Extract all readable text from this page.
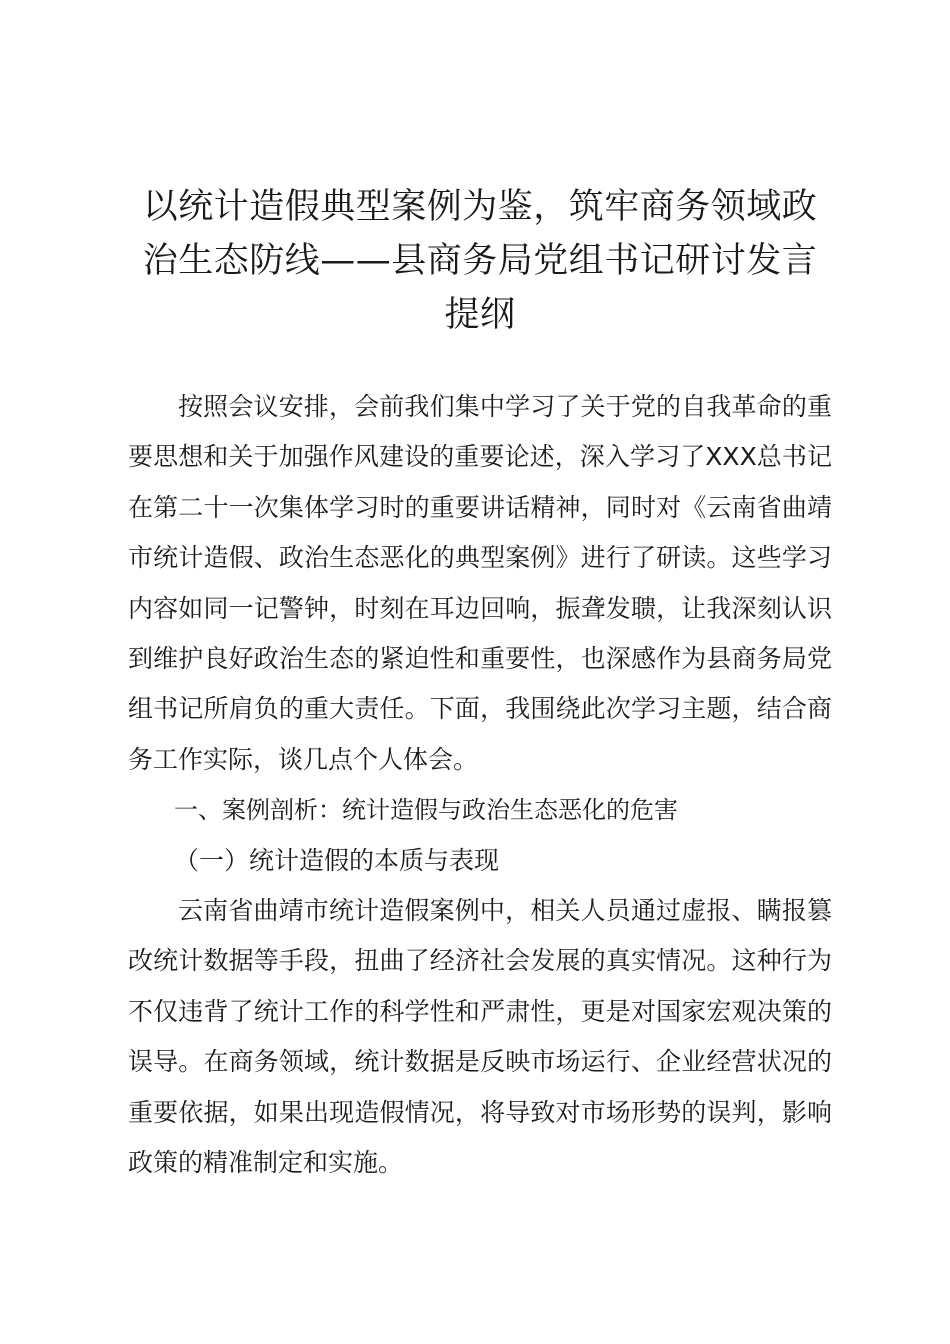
以统计造假典型案例为鉴，筑牢商务领域政治生态防线——县商务局党组书记研讨发言提纲

按照会议安排，会前我们集中学习了关于党的自我革命的重要思想和关于加强作风建设的重要论述，深入学习了XXX总书记在第二十一次集体学习时的重要讲话精神，同时对《云南省曲靖市统计造假、政治生态恶化的典型案例》进行了研读。这些学习内容如同一记警钟，时刻在耳边回响，振聋发聩，让我深刻认识到维护良好政治生态的紧迫性和重要性，也深感作为县商务局党组书记所肩负的重大责任。下面，我围绕此次学习主题，结合商务工作实际，谈几点个人体会。

一、案例剖析：统计造假与政治生态恶化的危害

（一）统计造假的本质与表现

云南省曲靖市统计造假案例中，相关人员通过虚报、瞒报篡改统计数据等手段，扭曲了经济社会发展的真实情况。这种行为不仅违背了统计工作的科学性和严肃性，更是对国家宏观决策的误导。在商务领域，统计数据是反映市场运行、企业经营状况的重要依据，如果出现造假情况，将导致对市场形势的误判，影响政策的精准制定和实施。
